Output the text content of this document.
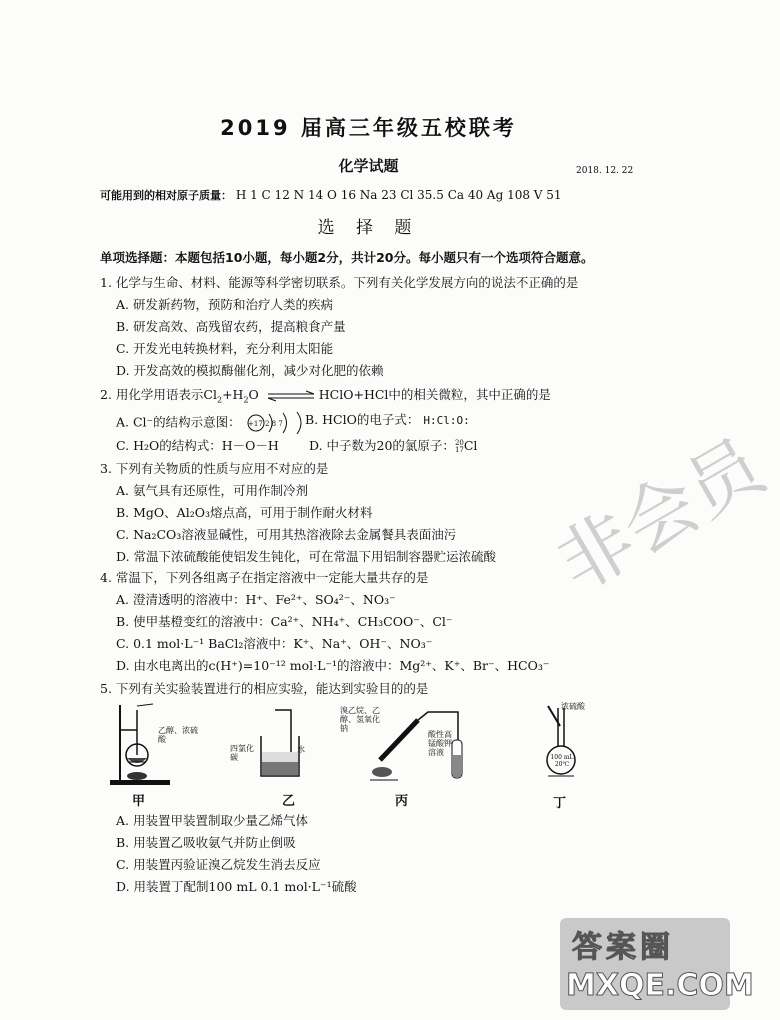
非会员
答案圈
MXQE.COM
2019 届高三年级五校联考
化学试题	2018. 12. 22
可能用到的相对原子质量： H 1 C 12 N 14 O 16 Na 23 Cl 35.5 Ca 40 Ag 108 V 51
选 择 题
单项选择题：本题包括10小题，每小题2分，共计20分。每小题只有一个选项符合题意。
1. 化学与生命、材料、能源等科学密切联系。下列有关化学发展方向的说法不正确的是
A. 研发新药物，预防和治疗人类的疾病
B. 研发高效、高残留农药，提高粮食产量
C. 开发光电转换材料，充分利用太阳能
D. 开发高效的模拟酶催化剂，减少对化肥的依赖
2. 用化学用语表示$Cl_2+H_2O$ ⇌ HClO+HCl中的相关微粒，其中正确的是
A. Cl⁻的结构示意图： +17 2 8 7 B. HClO的电子式： H:Cl:O:
C. H₂O的结构式：H－O－H D. 中子数为20的氯原子：20
17Cl
3. 下列有关物质的性质与应用不对应的是
A. 氨气具有还原性，可用作制冷剂
B. MgO、Al₂O₃熔点高，可用于制作耐火材料
C. Na₂CO₃溶液显碱性，可用其热溶液除去金属餐具表面油污
D. 常温下浓硫酸能使铝发生钝化，可在常温下用铝制容器贮运浓硫酸
4. 常温下，下列各组离子在指定溶液中一定能大量共存的是
A. 澄清透明的溶液中：H⁺、Fe²⁺、SO₄²⁻、NO₃⁻
B. 使甲基橙变红的溶液中：Ca²⁺、NH₄⁺、CH₃COO⁻、Cl⁻
C. 0.1 mol·L⁻¹ BaCl₂溶液中：K⁺、Na⁺、OH⁻、NO₃⁻
D. 由水电离出的c(H⁺)=10⁻¹² mol·L⁻¹的溶液中：Mg²⁺、K⁺、Br⁻、HCO₃⁻
5. 下列有关实验装置进行的相应实验，能达到实验目的的是
乙醇、浓硫酸
甲
四氯化碳
水
乙
溴乙烷、乙醇、氢氧化钠
酸性高锰酸钾溶液
丙
浓硫酸
100 mL 20℃
丁
A. 用装置甲装置制取少量乙烯气体
B. 用装置乙吸收氨气并防止倒吸
C. 用装置丙验证溴乙烷发生消去反应
D. 用装置丁配制100 mL 0.1 mol·L⁻¹硫酸
